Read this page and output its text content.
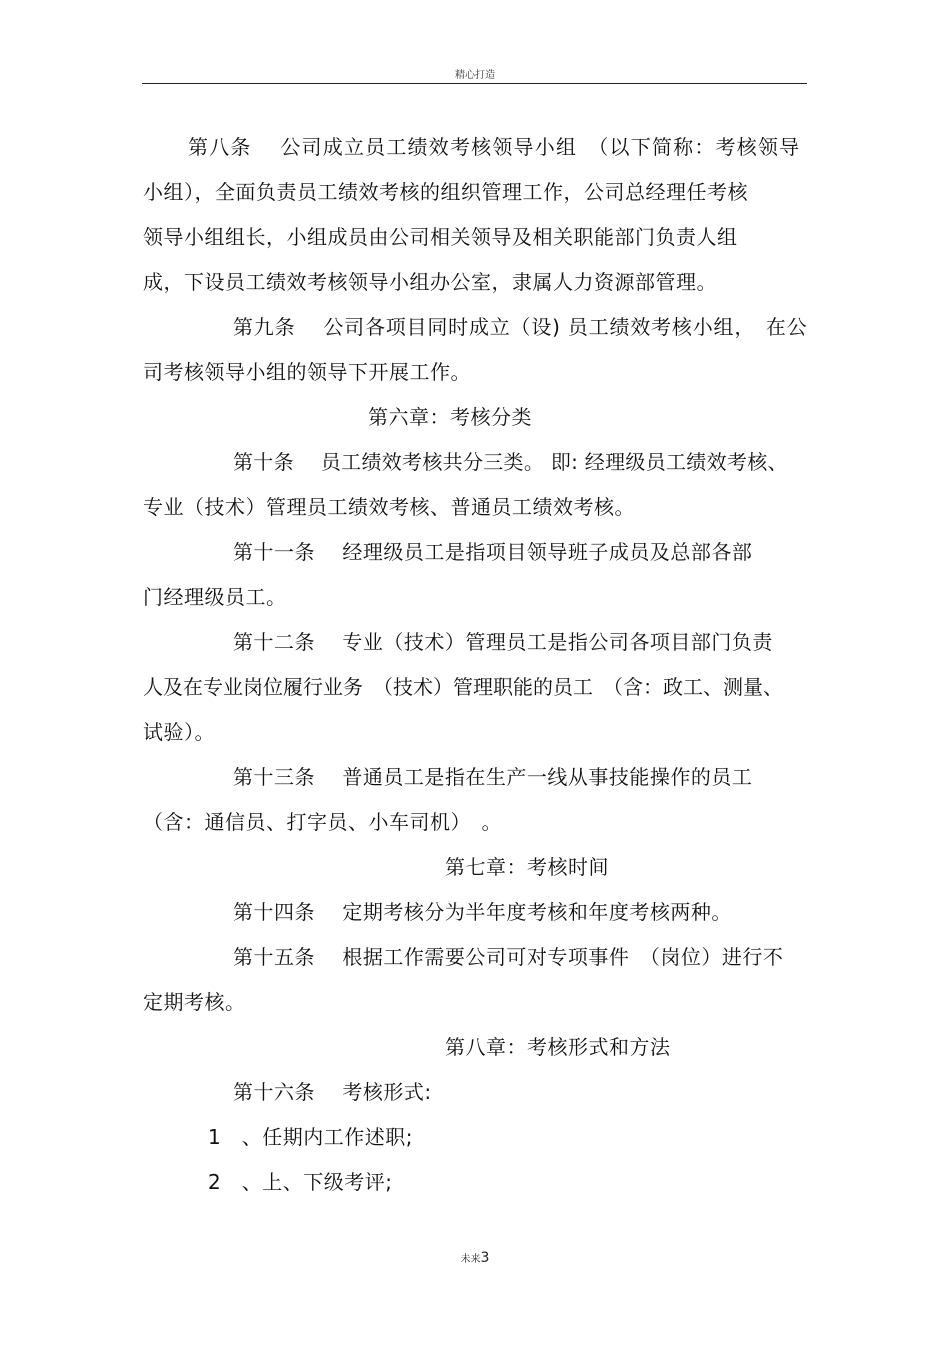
精心打造
第八条　 公司成立员工绩效考核领导小组　（以下简称：考核领导
小组），全面负责员工绩效考核的组织管理工作，公司总经理任考核
领导小组组长，小组成员由公司相关领导及相关职能部门负责人组
成，下设员工绩效考核领导小组办公室，隶属人力资源部管理。
第九条　 公司各项目同时成立（设) 员工绩效考核小组，　在公
司考核领导小组的领导下开展工作。
第六章：考核分类
第十条　 员工绩效考核共分三类。 即: 经理级员工绩效考核、
专业（技术）管理员工绩效考核、普通员工绩效考核。
第十一条　 经理级员工是指项目领导班子成员及总部各部
门经理级员工。
第十二条　 专业（技术）管理员工是指公司各项目部门负责
人及在专业岗位履行业务　（技术）管理职能的员工　（含：政工、测量、
试验）。
第十三条　 普通员工是指在生产一线从事技能操作的员工
（含：通信员、打字员、小车司机）　。
第七章：考核时间
第十四条　 定期考核分为半年度考核和年度考核两种。
第十五条　 根据工作需要公司可对专项事件　（岗位）进行不
定期考核。
第八章：考核形式和方法
第十六条　 考核形式:
1　、任期内工作述职;
2　、上、下级考评;
未来3
